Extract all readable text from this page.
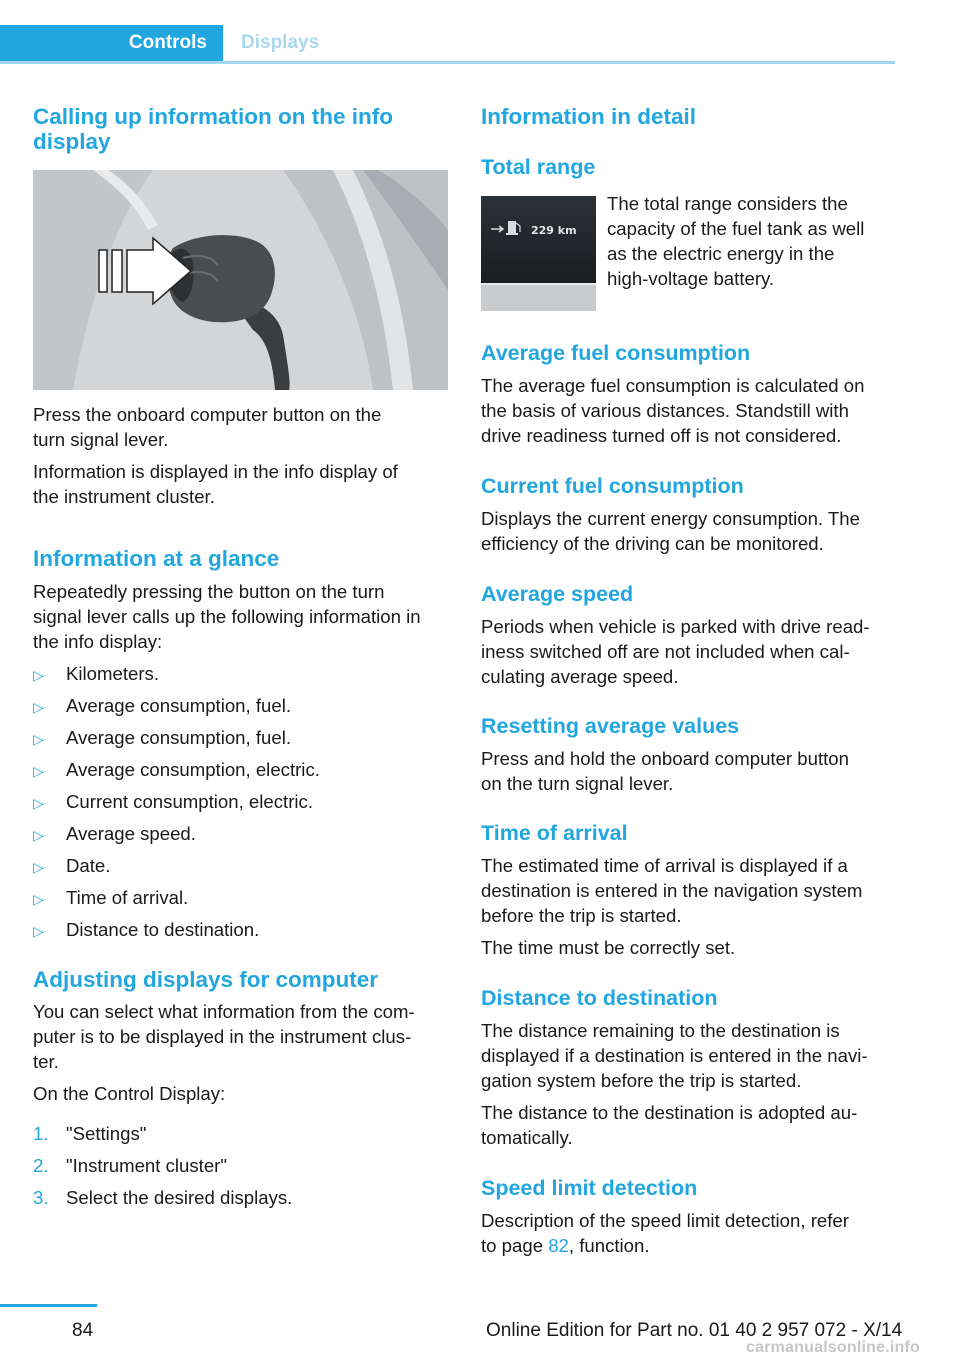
Controls	Displays
Calling up information on the info display

Press the onboard computer button on the

turn signal lever.

Information is displayed in the info display of

the instrument cluster.

Information at a glance

Repeatedly pressing the button on the turn

signal lever calls up the following information in

the info display:

▷ Kilometers.
▷ Average consumption, fuel.
▷ Average consumption, fuel.
▷ Average consumption, electric.
▷ Current consumption, electric.
▷ Average speed.
▷ Date.
▷ Time of arrival.
▷ Distance to destination.
Adjusting displays for computer

You can select what information from the com-

puter is to be displayed in the instrument clus-

ter.

On the Control Display:

1. "Settings"
2. "Instrument cluster"
3. Select the desired displays.
Information in detail
Total range
229 km

The total range considers the

capacity of the fuel tank as well

as the electric energy in the

high-voltage battery.

Average fuel consumption

The average fuel consumption is calculated on

the basis of various distances. Standstill with

drive readiness turned off is not considered.

Current fuel consumption

Displays the current energy consumption. The

efficiency of the driving can be monitored.

Average speed

Periods when vehicle is parked with drive read-

iness switched off are not included when cal-

culating average speed.

Resetting average values

Press and hold the onboard computer button

on the turn signal lever.

Time of arrival

The estimated time of arrival is displayed if a

destination is entered in the navigation system

before the trip is started.

The time must be correctly set.

Distance to destination

The distance remaining to the destination is

displayed if a destination is entered in the navi-

gation system before the trip is started.

The distance to the destination is adopted au-

tomatically.

Speed limit detection

Description of the speed limit detection, refer

to page 82, function.

84	Online Edition for Part no. 01 40 2 957 072 - X/14
carmanualsonline.info
